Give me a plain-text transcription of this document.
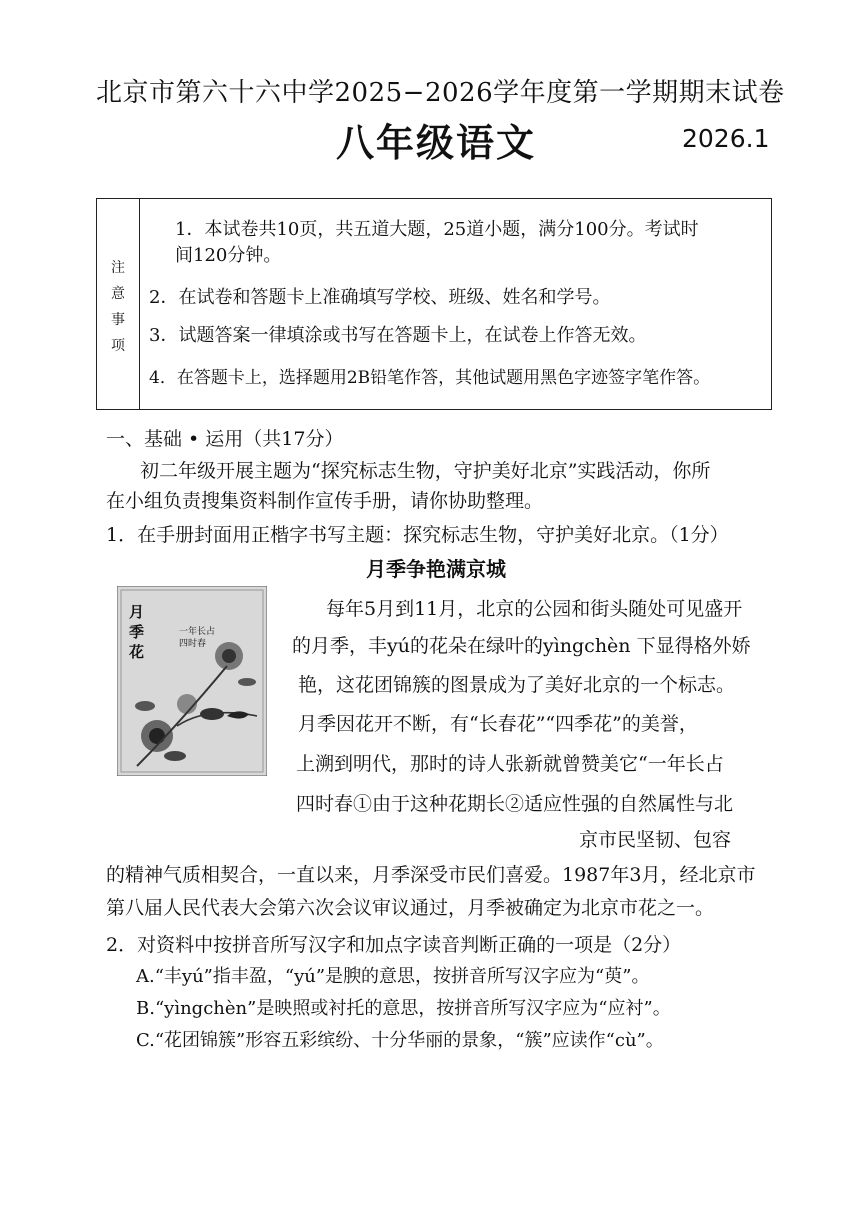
北京市第六十六中学2025−2026学年度第一学期期末试卷
八年级语文	2026.1
注
意
事
项
1．本试卷共10页，共五道大题，25道小题，满分100分。考试时
间120分钟。
2．在试卷和答题卡上准确填写学校、班级、姓名和学号。
3．试题答案一律填涂或书写在答题卡上，在试卷上作答无效。
4．在答题卡上，选择题用2B铅笔作答，其他试题用黑色字迹签字笔作答。
一、基础 • 运用（共17分）
初二年级开展主题为“探究标志生物，守护美好北京”实践活动，你所
在小组负责搜集资料制作宣传手册，请你协助整理。
1．在手册封面用正楷字书写主题：探究标志生物，守护美好北京。（1分）
月季争艳满京城
月季花
一年长占
四时春
每年5月到11月，北京的公园和街头随处可见盛开
的月季，丰yú的花朵在绿叶的yìngchèn 下显得格外娇
艳，这花团锦簇的图景成为了美好北京的一个标志。
月季因花开不断，有“长春花”“四季花”的美誉，
上溯到明代，那时的诗人张新就曾赞美它“一年长占
四时春①由于这种花期长②适应性强的自然属性与北
京市民坚韧、包容
的精神气质相契合，一直以来，月季深受市民们喜爱。1987年3月，经北京市
第八届人民代表大会第六次会议审议通过，月季被确定为北京市花之一。
2．对资料中按拼音所写汉字和加点字读音判断正确的一项是（2分）
A.“丰yú”指丰盈，“yú”是腴的意思，按拼音所写汉字应为“萸”。
B.“yìngchèn”是映照或衬托的意思，按拼音所写汉字应为“应衬”。
C.“花团锦簇”形容五彩缤纷、十分华丽的景象，“簇”应读作“cù”。
